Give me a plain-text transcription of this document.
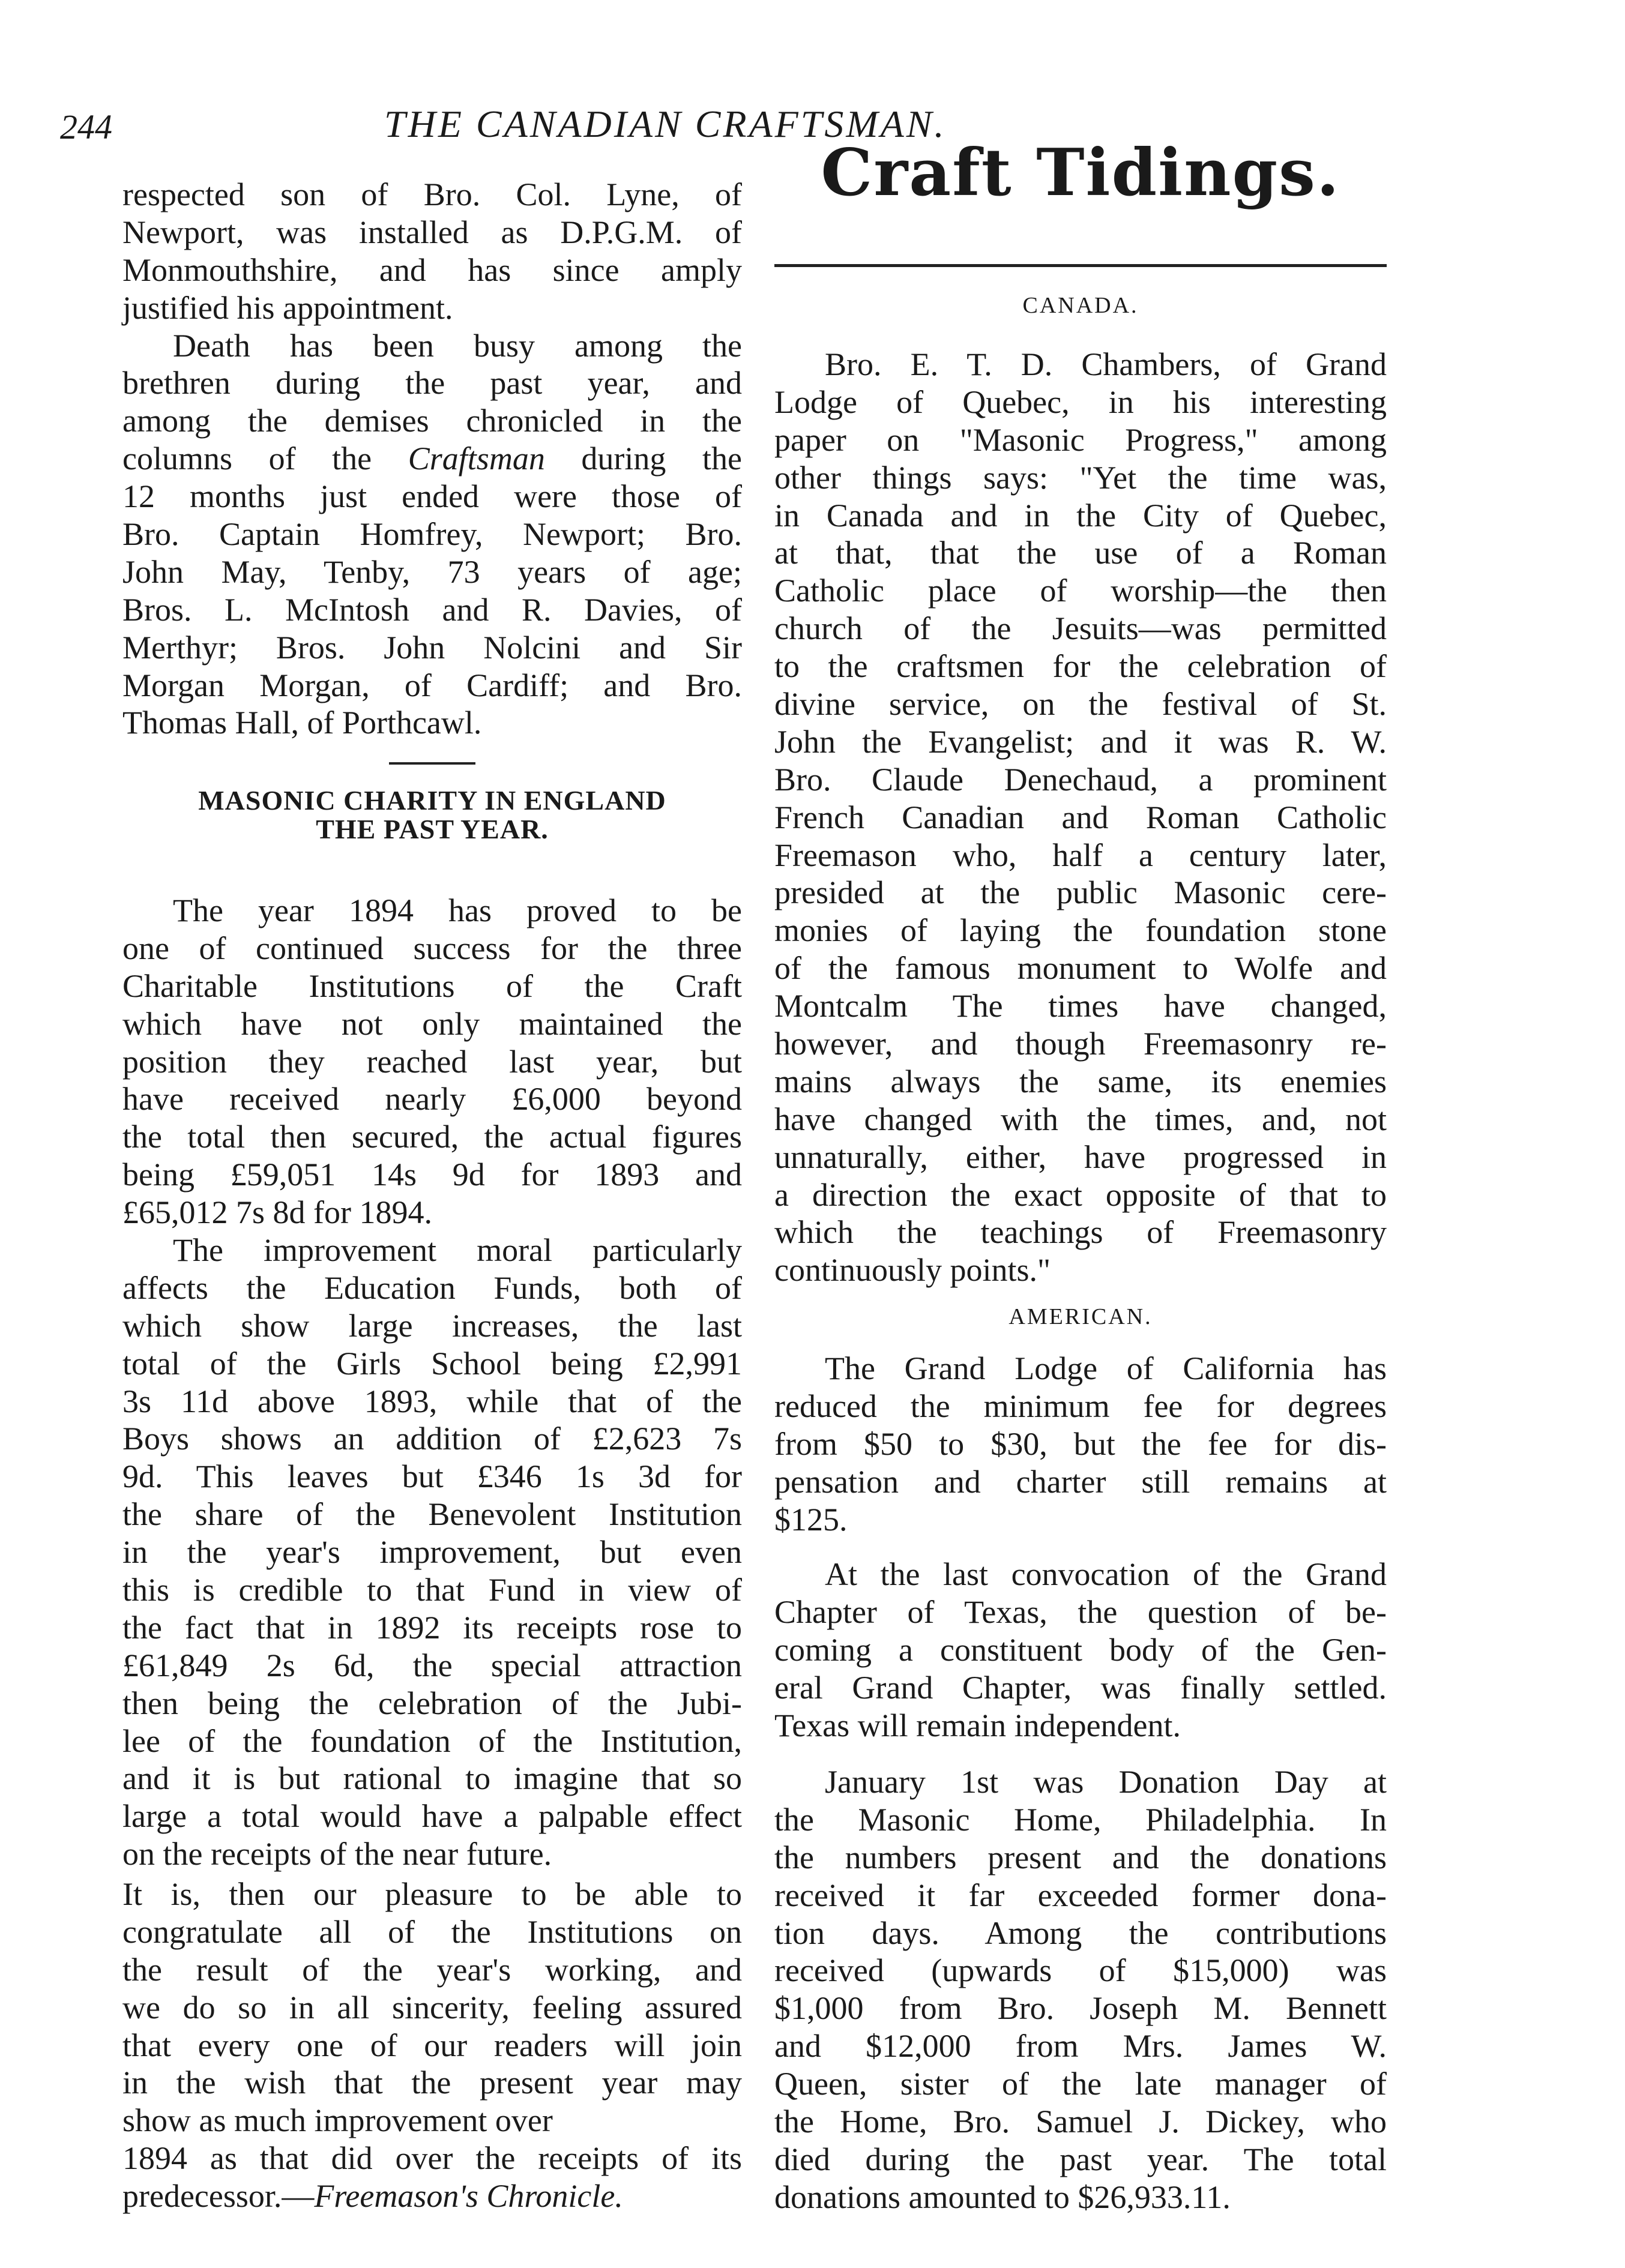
244	THE CANADIAN CRAFTSMAN.
respected son of Bro. Col. Lyne, of
Newport, was installed as D.P.G.M. of
Monmouthshire, and has since amply
justified his appointment.
Death has been busy among the
brethren during the past year, and
among the demises chronicled in the
columns of the Craftsman during the
12 months just ended were those of
Bro. Captain Homfrey, Newport; Bro.
John May, Tenby, 73 years of age;
Bros. L. McIntosh and R. Davies, of
Merthyr; Bros. John Nolcini and Sir
Morgan Morgan, of Cardiff; and Bro.
Thomas Hall, of Porthcawl.
MASONIC CHARITY IN ENGLAND
THE PAST YEAR.
The year 1894 has proved to be
one of continued success for the three
Charitable Institutions of the Craft
which have not only maintained the
position they reached last year, but
have received nearly £6,000 beyond
the total then secured, the actual figures
being £59,051 14s 9d for 1893 and
£65,012 7s 8d for 1894.
The improvement moral particularly
affects the Education Funds, both of
which show large increases, the last
total of the Girls School being £2,991
3s 11d above 1893, while that of the
Boys shows an addition of £2,623 7s
9d. This leaves but £346 1s 3d for
the share of the Benevolent Institution
in the year's improvement, but even
this is credible to that Fund in view of
the fact that in 1892 its receipts rose to
£61,849 2s 6d, the special attraction
then being the celebration of the Jubi-
lee of the foundation of the Institution,
and it is but rational to imagine that so
large a total would have a palpable effect
on the receipts of the near future.
It is, then our pleasure to be able to
congratulate all of the Institutions on
the result of the year's working, and
we do so in all sincerity, feeling assured
that every one of our readers will join
in the wish that the present year may
show as much improvement over
1894 as that did over the receipts of its
predecessor.—Freemason's Chronicle.
Craft Tidings.
CANADA.
Bro. E. T. D. Chambers, of Grand
Lodge of Quebec, in his interesting
paper on "Masonic Progress," among
other things says: "Yet the time was,
in Canada and in the City of Quebec,
at that, that the use of a Roman
Catholic place of worship—the then
church of the Jesuits—was permitted
to the craftsmen for the celebration of
divine service, on the festival of St.
John the Evangelist; and it was R. W.
Bro. Claude Denechaud, a prominent
French Canadian and Roman Catholic
Freemason who, half a century later,
presided at the public Masonic cere-
monies of laying the foundation stone
of the famous monument to Wolfe and
Montcalm The times have changed,
however, and though Freemasonry re-
mains always the same, its enemies
have changed with the times, and, not
unnaturally, either, have progressed in
a direction the exact opposite of that to
which the teachings of Freemasonry
continuously points."
AMERICAN.
The Grand Lodge of California has
reduced the minimum fee for degrees
from $50 to $30, but the fee for dis-
pensation and charter still remains at
$125.
At the last convocation of the Grand
Chapter of Texas, the question of be-
coming a constituent body of the Gen-
eral Grand Chapter, was finally settled.
Texas will remain independent.
January 1st was Donation Day at
the Masonic Home, Philadelphia. In
the numbers present and the donations
received it far exceeded former dona-
tion days. Among the contributions
received (upwards of $15,000) was
$1,000 from Bro. Joseph M. Bennett
and $12,000 from Mrs. James W.
Queen, sister of the late manager of
the Home, Bro. Samuel J. Dickey, who
died during the past year. The total
donations amounted to $26,933.11.
